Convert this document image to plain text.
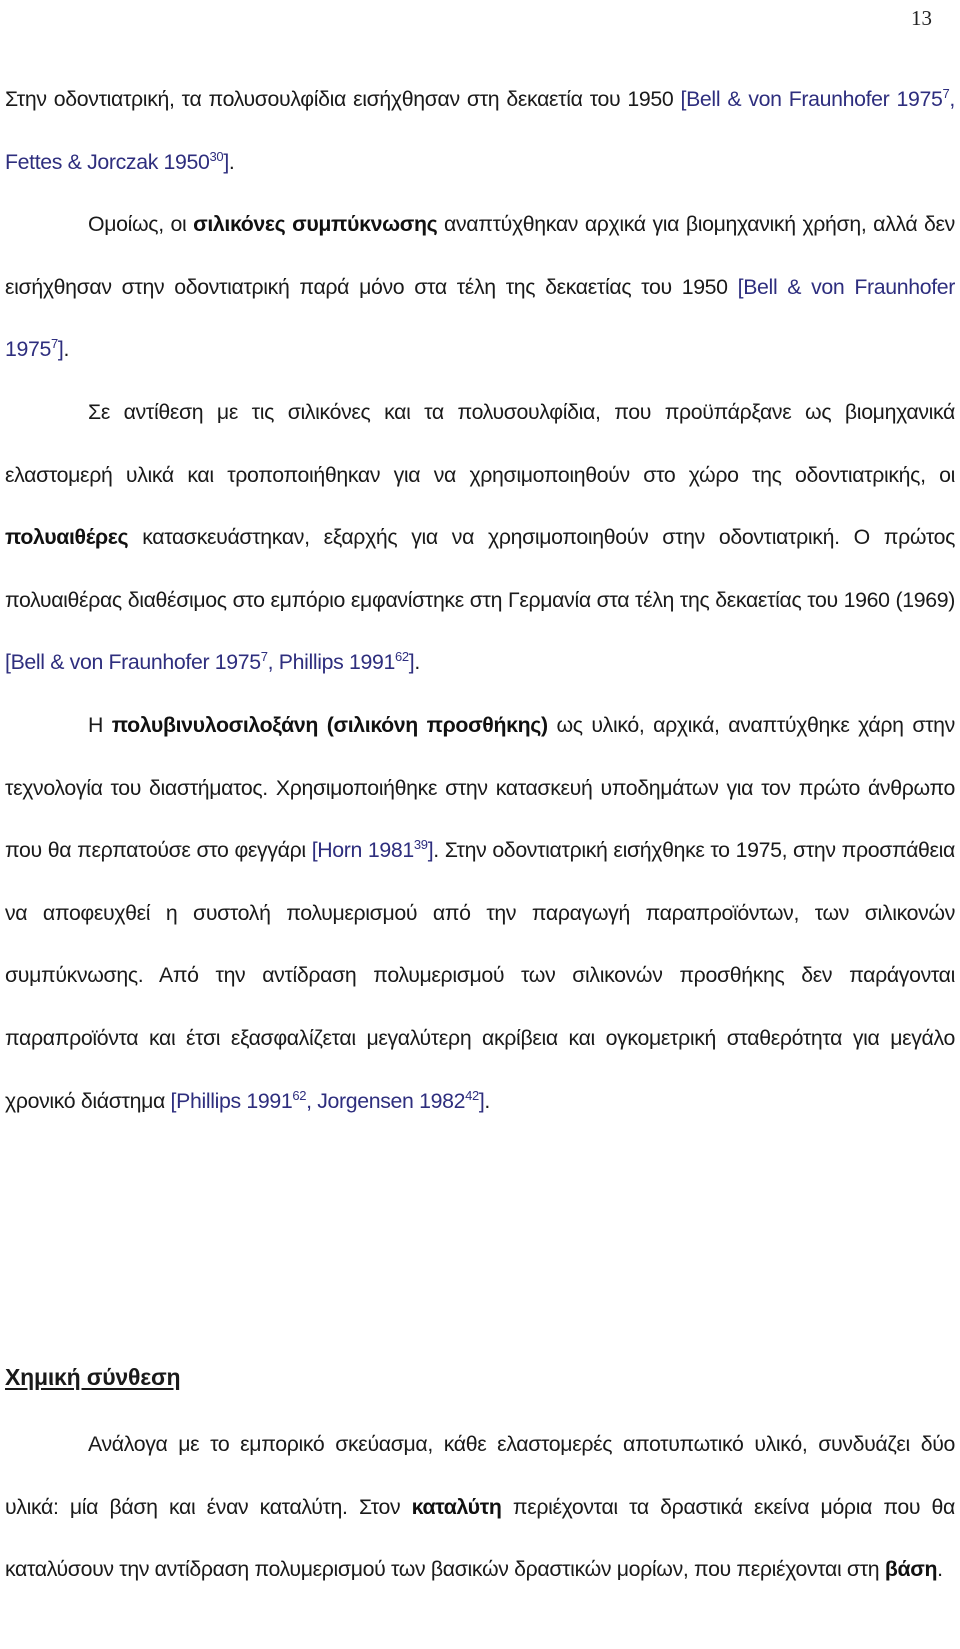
13

Στην οδοντιατρική, τα πολυσουλφίδια εισήχθησαν στη δεκαετία του 1950 [Bell & von Fraunhofer 1975$^7$, Fettes & Jorczak 1950$^{30}$].

Ομοίως, οι σιλικόνες συμπύκνωσης αναπτύχθηκαν αρχικά για βιομηχανική χρήση, αλλά δεν εισήχθησαν στην οδοντιατρική παρά μόνο στα τέλη της δεκαετίας του 1950 [Bell & von Fraunhofer 1975$^7$].

Σε αντίθεση με τις σιλικόνες και τα πολυσουλφίδια, που προϋπάρξανε ως βιομηχανικά ελαστομερή υλικά και τροποποιήθηκαν για να χρησιμοποιηθούν στο χώρο της οδοντιατρικής, οι πολυαιθέρες κατασκευάστηκαν, εξαρχής για να χρησιμοποιηθούν στην οδοντιατρική. Ο πρώτος πολυαιθέρας διαθέσιμος στο εμπόριο εμφανίστηκε στη Γερμανία στα τέλη της δεκαετίας του 1960 (1969) [Bell & von Fraunhofer 1975$^7$, Phillips 1991$^{62}$].

Η πολυβινυλοσιλοξάνη (σιλικόνη προσθήκης) ως υλικό, αρχικά, αναπτύχθηκε χάρη στην τεχνολογία του διαστήματος. Χρησιμοποιήθηκε στην κατασκευή υποδημάτων για τον πρώτο άνθρωπο που θα περπατούσε στο φεγγάρι [Horn 1981$^{39}$]. Στην οδοντιατρική εισήχθηκε το 1975, στην προσπάθεια να αποφευχθεί η συστολή πολυμερισμού από την παραγωγή παραπροϊόντων, των σιλικονών συμπύκνωσης. Από την αντίδραση πολυμερισμού των σιλικονών προσθήκης δεν παράγονται παραπροϊόντα και έτσι εξασφαλίζεται μεγαλύτερη ακρίβεια και ογκομετρική σταθερότητα για μεγάλο χρονικό διάστημα [Phillips 1991$^{62}$, Jorgensen 1982$^{42}$].

Χημική σύνθεση

Ανάλογα με το εμπορικό σκεύασμα, κάθε ελαστομερές αποτυπωτικό υλικό, συνδυάζει δύο υλικά: μία βάση και έναν καταλύτη. Στον καταλύτη περιέχονται τα δραστικά εκείνα μόρια που θα καταλύσουν την αντίδραση πολυμερισμού των βασικών δραστικών μορίων, που περιέχονται στη βάση.
